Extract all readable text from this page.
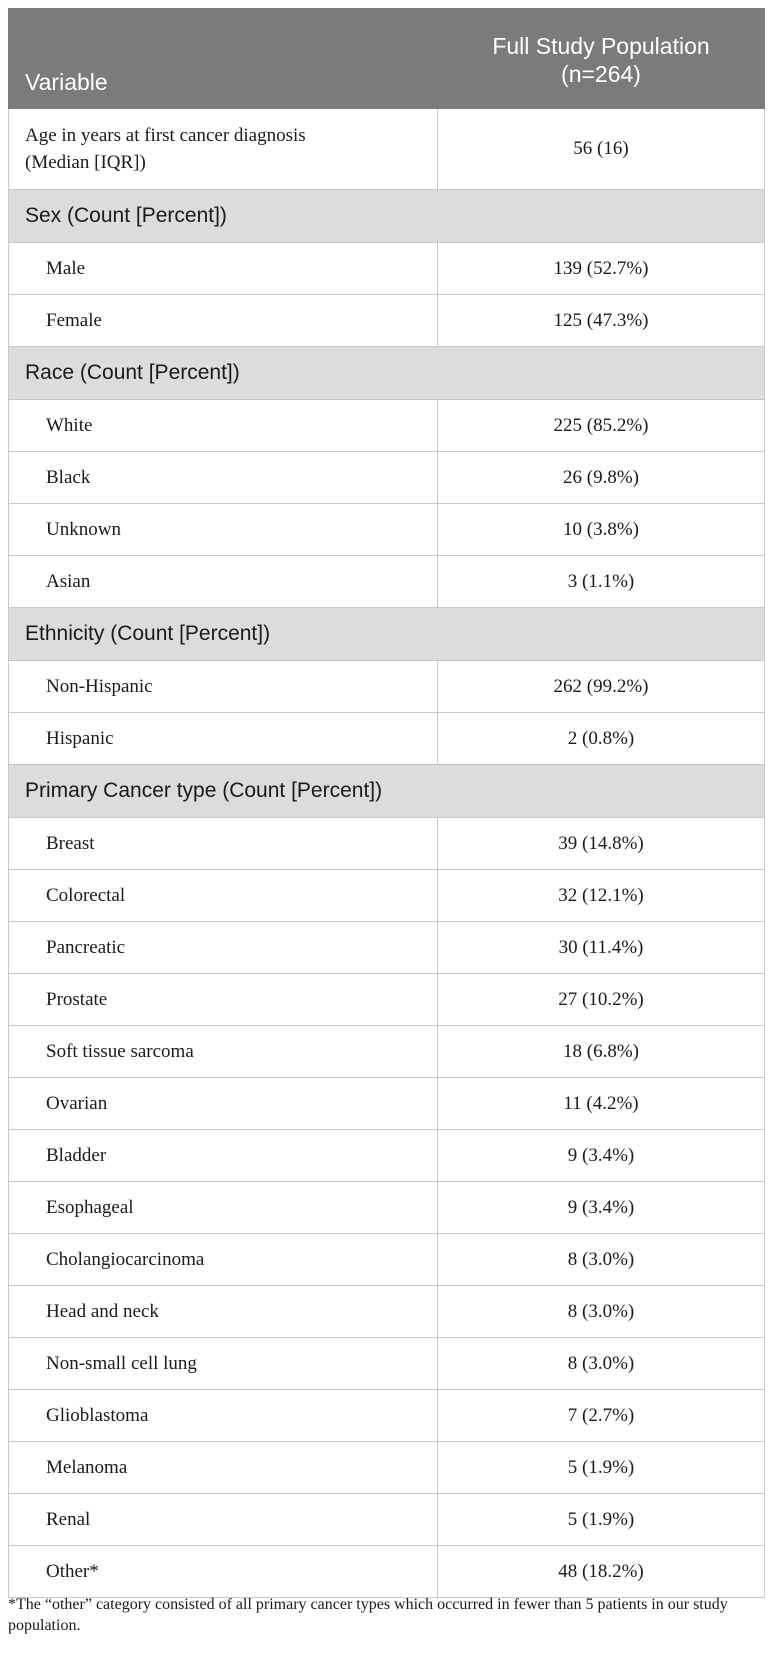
Variable	Full Study Population
(n=264)

Age in years at first cancer diagnosis
(Median [IQR])	56 (16)
Sex (Count [Percent])	
Male	139 (52.7%)
Female	125 (47.3%)
Race (Count [Percent])	
White	225 (85.2%)
Black	26 (9.8%)
Unknown	10 (3.8%)
Asian	3 (1.1%)
Ethnicity (Count [Percent])	
Non-Hispanic	262 (99.2%)
Hispanic	2 (0.8%)
Primary Cancer type (Count [Percent])	
Breast	39 (14.8%)
Colorectal	32 (12.1%)
Pancreatic	30 (11.4%)
Prostate	27 (10.2%)
Soft tissue sarcoma	18 (6.8%)
Ovarian	11 (4.2%)
Bladder	9 (3.4%)
Esophageal	9 (3.4%)
Cholangiocarcinoma	8 (3.0%)
Head and neck	8 (3.0%)
Non-small cell lung	8 (3.0%)
Glioblastoma	7 (2.7%)
Melanoma	5 (1.9%)
Renal	5 (1.9%)
Other*	48 (18.2%)
*The “other” category consisted of all primary cancer types which occurred in fewer than 5 patients in our study population.
